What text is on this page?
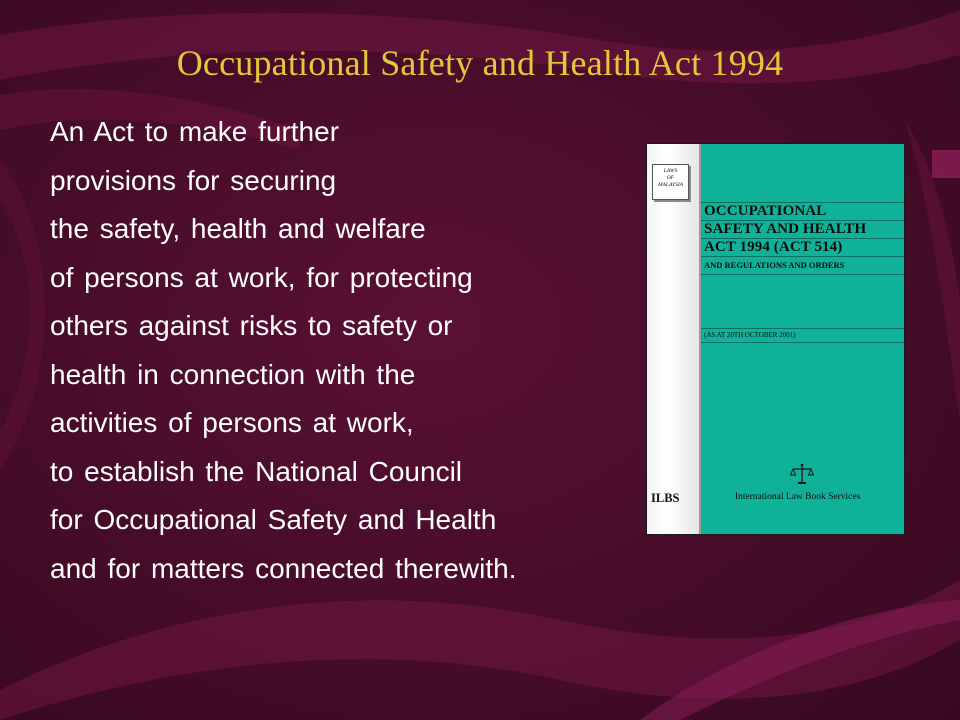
Occupational Safety and Health Act 1994
An Act to make further
provisions for securing
the safety, health and welfare
of persons at work, for protecting
others against risks to safety or
health in connection with the
activities of persons at work,
to establish the National Council
for Occupational Safety and Health
and for matters connected therewith.
LAWS
OF
MALAYSIA
ILBS
OCCUPATIONAL
SAFETY AND HEALTH
ACT 1994 (ACT 514)
AND REGULATIONS AND ORDERS
(AS AT 20TH OCTOBER 2001)
International Law Book Services
